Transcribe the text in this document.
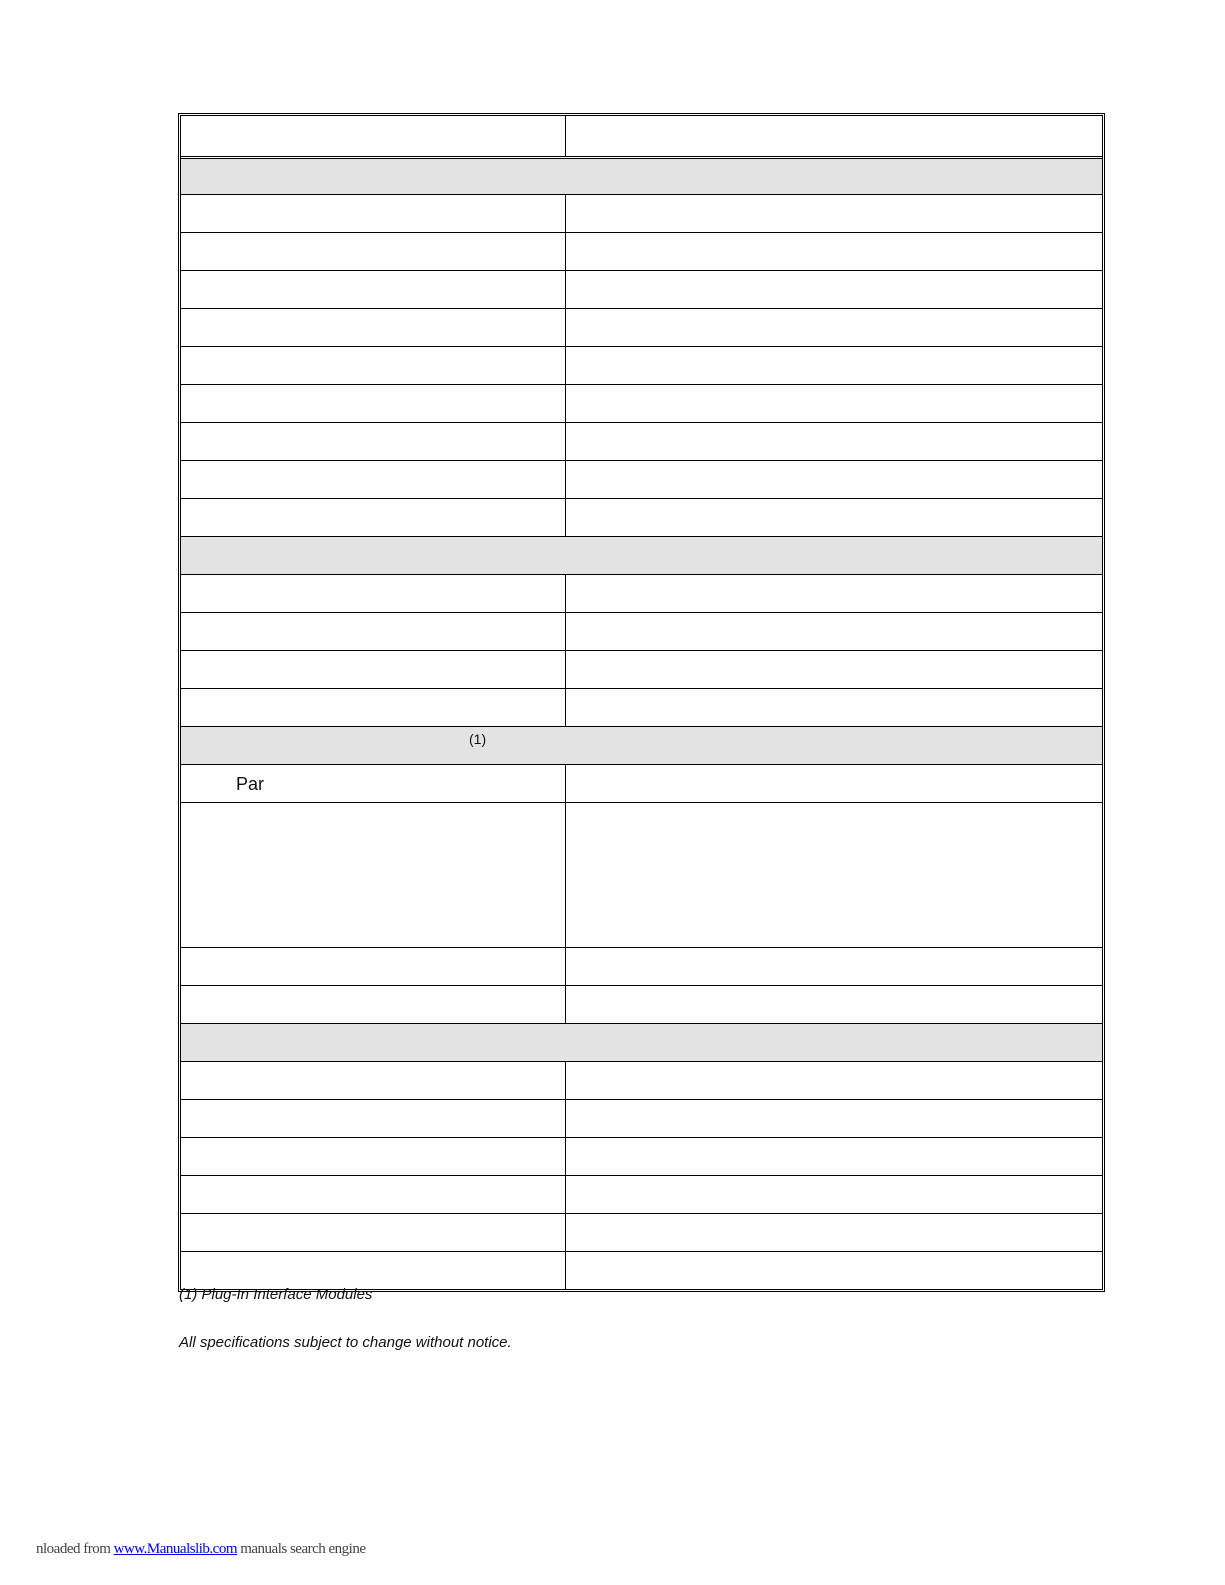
(1)
Par
(1) Plug-In Interface Modules
All specifications subject to change without notice.
nloaded from www.Manualslib.com manuals search engine
